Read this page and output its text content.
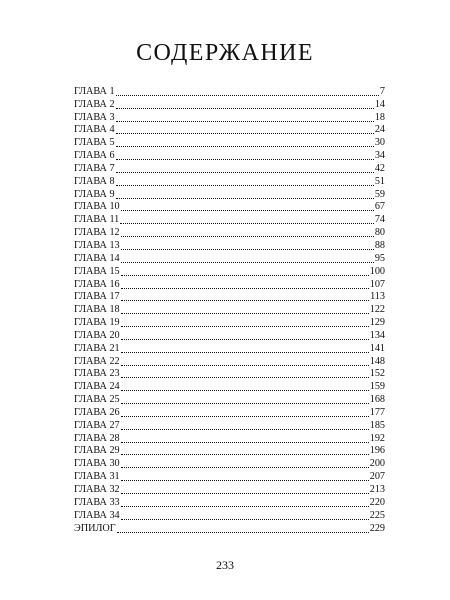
СОДЕРЖАНИЕ
ГЛАВА 1	7
ГЛАВА 2	14
ГЛАВА 3	18
ГЛАВА 4	24
ГЛАВА 5	30
ГЛАВА 6	34
ГЛАВА 7	42
ГЛАВА 8	51
ГЛАВА 9	59
ГЛАВА 10	67
ГЛАВА 11	74
ГЛАВА 12	80
ГЛАВА 13	88
ГЛАВА 14	95
ГЛАВА 15	100
ГЛАВА 16	107
ГЛАВА 17	113
ГЛАВА 18	122
ГЛАВА 19	129
ГЛАВА 20	134
ГЛАВА 21	141
ГЛАВА 22	148
ГЛАВА 23	152
ГЛАВА 24	159
ГЛАВА 25	168
ГЛАВА 26	177
ГЛАВА 27	185
ГЛАВА 28	192
ГЛАВА 29	196
ГЛАВА 30	200
ГЛАВА 31	207
ГЛАВА 32	213
ГЛАВА 33	220
ГЛАВА 34	225
ЭПИЛОГ	229
233
